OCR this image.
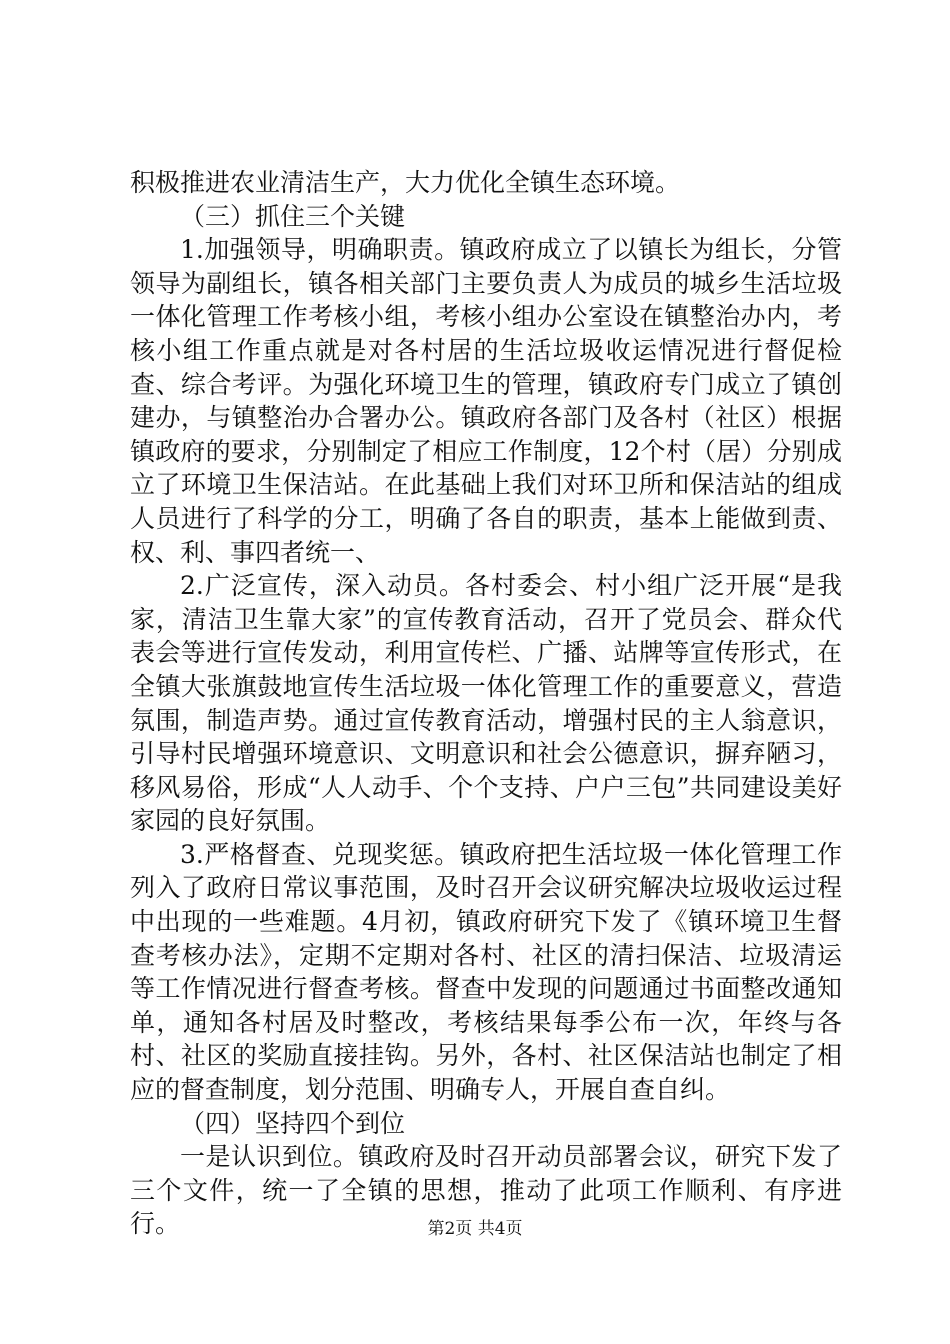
积极推进农业清洁生产，大力优化全镇生态环境。

（三）抓住三个关键

1.加强领导，明确职责。镇政府成立了以镇长为组长，分管领导为副组长，镇各相关部门主要负责人为成员的城乡生活垃圾一体化管理工作考核小组，考核小组办公室设在镇整治办内，考核小组工作重点就是对各村居的生活垃圾收运情况进行督促检查、综合考评。为强化环境卫生的管理，镇政府专门成立了镇创建办，与镇整治办合署办公。镇政府各部门及各村（社区）根据镇政府的要求，分别制定了相应工作制度，12个村（居）分别成立了环境卫生保洁站。在此基础上我们对环卫所和保洁站的组成人员进行了科学的分工，明确了各自的职责，基本上能做到责、权、利、事四者统一、

2.广泛宣传，深入动员。各村委会、村小组广泛开展“是我家，清洁卫生靠大家”的宣传教育活动，召开了党员会、群众代表会等进行宣传发动，利用宣传栏、广播、站牌等宣传形式，在全镇大张旗鼓地宣传生活垃圾一体化管理工作的重要意义，营造氛围，制造声势。通过宣传教育活动，增强村民的主人翁意识，引导村民增强环境意识、文明意识和社会公德意识，摒弃陋习，移风易俗，形成“人人动手、个个支持、户户三包”共同建设美好家园的良好氛围。

3.严格督查、兑现奖惩。镇政府把生活垃圾一体化管理工作列入了政府日常议事范围，及时召开会议研究解决垃圾收运过程中出现的一些难题。4月初，镇政府研究下发了《镇环境卫生督查考核办法》，定期不定期对各村、社区的清扫保洁、垃圾清运等工作情况进行督查考核。督查中发现的问题通过书面整改通知单，通知各村居及时整改，考核结果每季公布一次，年终与各村、社区的奖励直接挂钩。另外，各村、社区保洁站也制定了相应的督查制度，划分范围、明确专人，开展自查自纠。

（四）坚持四个到位

一是认识到位。镇政府及时召开动员部署会议，研究下发了三个文件，统一了全镇的思想，推动了此项工作顺利、有序进行。	第2页 共4页
